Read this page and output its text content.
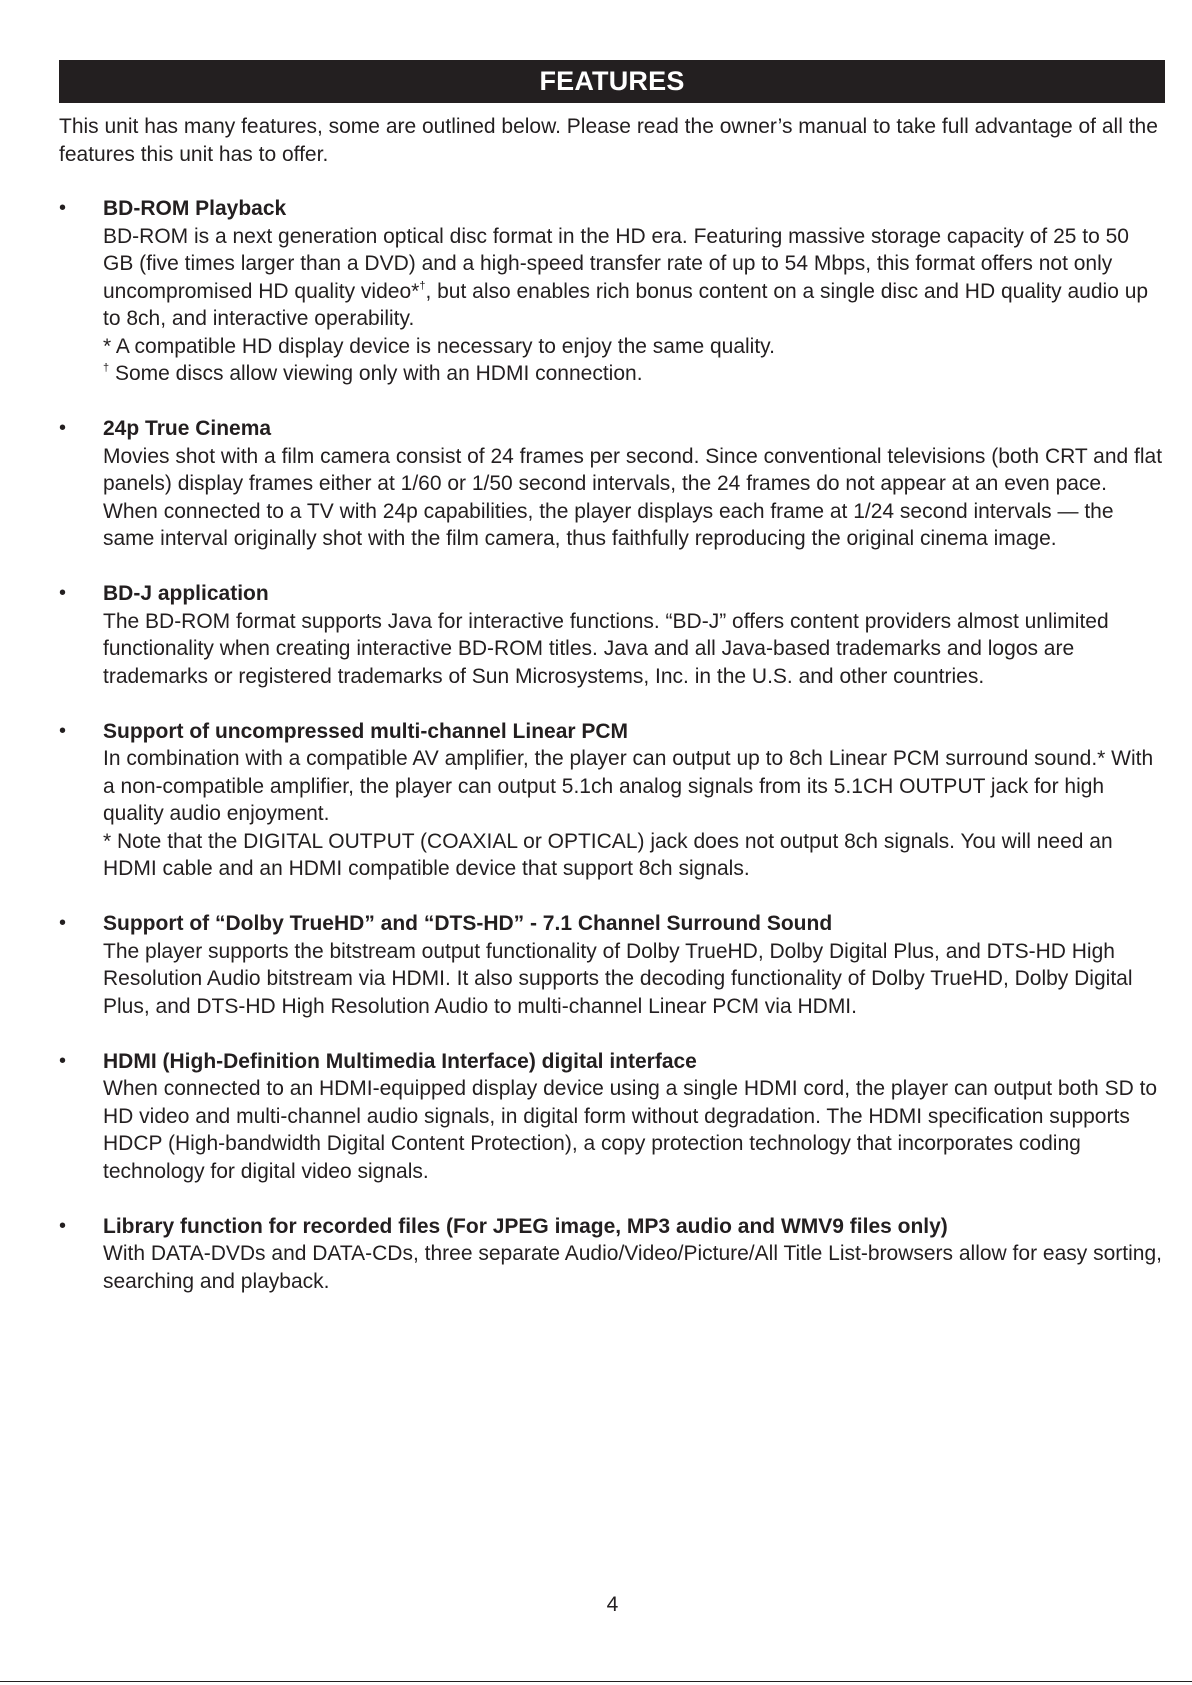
FEATURES
This unit has many features, some are outlined below. Please read the owner’s manual to take full advantage of all the features this unit has to offer.
•	BD-ROM Playback

BD-ROM is a next generation optical disc format in the HD era. Featuring massive storage capacity of 25 to 50 GB (five times larger than a DVD) and a high-speed transfer rate of up to 54 Mbps, this format offers not only uncompromised HD quality video*†, but also enables rich bonus content on a single disc and HD quality audio up to 8ch, and interactive operability.

* A compatible HD display device is necessary to enjoy the same quality.

† Some discs allow viewing only with an HDMI connection.

•	24p True Cinema

Movies shot with a film camera consist of 24 frames per second. Since conventional televisions (both CRT and flat panels) display frames either at 1/60 or 1/50 second intervals, the 24 frames do not appear at an even pace.

When connected to a TV with 24p capabilities, the player displays each frame at 1/24 second intervals — the same interval originally shot with the film camera, thus faithfully reproducing the original cinema image.

•	BD-J application

The BD-ROM format supports Java for interactive functions. “BD-J” offers content providers almost unlimited functionality when creating interactive BD-ROM titles. Java and all Java-based trademarks and logos are trademarks or registered trademarks of Sun Microsystems, Inc. in the U.S. and other countries.

•	Support of uncompressed multi-channel Linear PCM

In combination with a compatible AV amplifier, the player can output up to 8ch Linear PCM surround sound.* With a non-compatible amplifier, the player can output 5.1ch analog signals from its 5.1CH OUTPUT jack for high quality audio enjoyment.

* Note that the DIGITAL OUTPUT (COAXIAL or OPTICAL) jack does not output 8ch signals. You will need an HDMI cable and an HDMI compatible device that support 8ch signals.

•	Support of “Dolby TrueHD” and “DTS-HD” - 7.1 Channel Surround Sound

The player supports the bitstream output functionality of Dolby TrueHD, Dolby Digital Plus, and DTS-HD High Resolution Audio bitstream via HDMI. It also supports the decoding functionality of Dolby TrueHD, Dolby Digital Plus, and DTS-HD High Resolution Audio to multi-channel Linear PCM via HDMI.

•	HDMI (High-Definition Multimedia Interface) digital interface

When connected to an HDMI-equipped display device using a single HDMI cord, the player can output both SD to HD video and multi-channel audio signals, in digital form without degradation. The HDMI specification supports HDCP (High-bandwidth Digital Content Protection), a copy protection technology that incorporates coding technology for digital video signals.

•	Library function for recorded files (For JPEG image, MP3 audio and WMV9 files only)

With DATA-DVDs and DATA-CDs, three separate Audio/Video/Picture/All Title List-browsers allow for easy sorting, searching and playback.

4
